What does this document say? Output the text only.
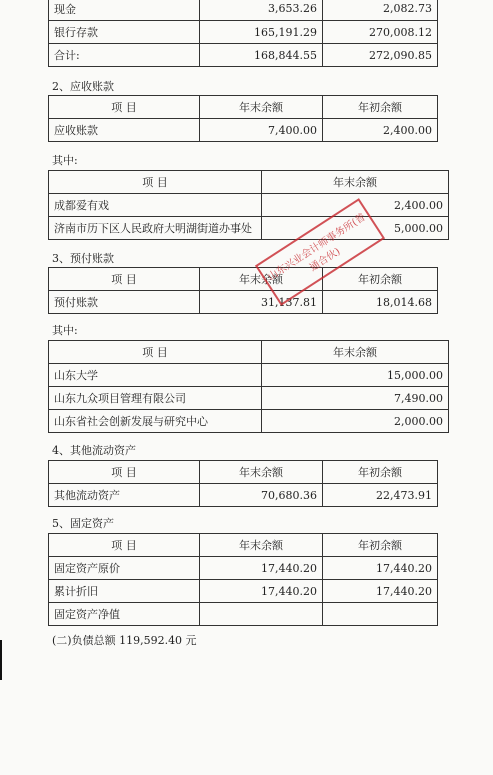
现金	3,653.26	2,082.73
银行存款	165,191.29	270,008.12
合计:	168,844.55	272,090.85
2、应收账款
项 目	年末余额	年初余额
应收账款	7,400.00	2,400.00
其中:
项 目	年末余额
成都爱有戏	2,400.00
济南市历下区人民政府大明湖街道办事处	5,000.00
3、预付账款
项 目	年末余额	年初余额
预付账款	31,137.81	18,014.68
其中:
项 目	年末余额
山东大学	15,000.00
山东九众项目管理有限公司	7,490.00
山东省社会创新发展与研究中心	2,000.00
4、其他流动资产
项 目	年末余额	年初余额
其他流动资产	70,680.36	22,473.91
5、固定资产
项 目	年末余额	年初余额
固定资产原价	17,440.20	17,440.20
累计折旧	17,440.20	17,440.20
固定资产净值		
山东兴业会计师事务所(普通合伙)
(二)负债总额 119,592.40 元
